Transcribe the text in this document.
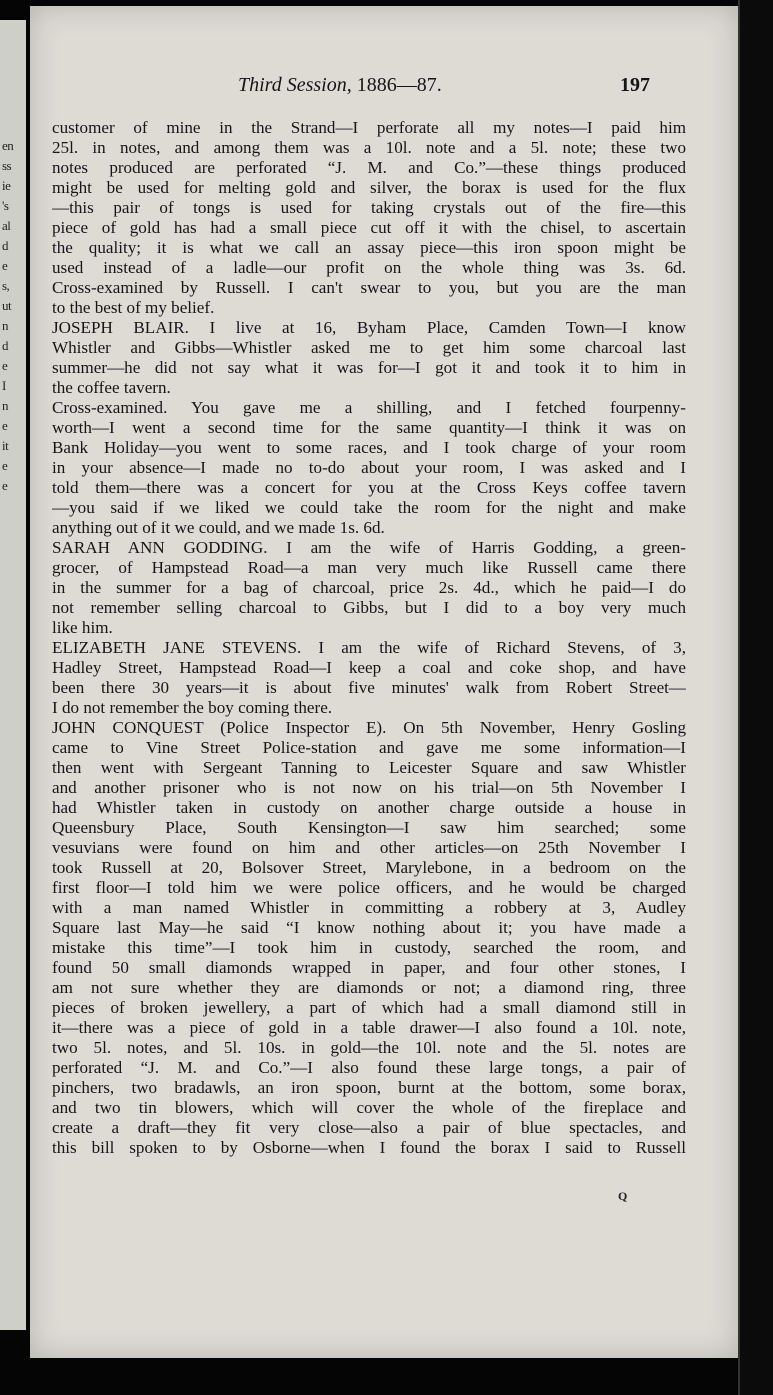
en
ss
ie
's
al
d
e
s,
ut
n
d
e
I
n
e
it
e
e
Third Session, 1886—87.	197
customer of mine in the Strand—I perforate all my notes—I paid him
25l. in notes, and among them was a 10l. note and a 5l. note; these two
notes produced are perforated “J. M. and Co.”—these things produced
might be used for melting gold and silver, the borax is used for the flux
—this pair of tongs is used for taking crystals out of the fire—this
piece of gold has had a small piece cut off it with the chisel, to ascertain
the quality; it is what we call an assay piece—this iron spoon might be
used instead of a ladle—our profit on the whole thing was 3s. 6d.
Cross-examined by Russell. I can't swear to you, but you are the man
to the best of my belief.
JOSEPH BLAIR. I live at 16, Byham Place, Camden Town—I know
Whistler and Gibbs—Whistler asked me to get him some charcoal last
summer—he did not say what it was for—I got it and took it to him in
the coffee tavern.
Cross-examined. You gave me a shilling, and I fetched fourpenny-
worth—I went a second time for the same quantity—I think it was on
Bank Holiday—you went to some races, and I took charge of your room
in your absence—I made no to-do about your room, I was asked and I
told them—there was a concert for you at the Cross Keys coffee tavern
—you said if we liked we could take the room for the night and make
anything out of it we could, and we made 1s. 6d.
SARAH ANN GODDING. I am the wife of Harris Godding, a green-
grocer, of Hampstead Road—a man very much like Russell came there
in the summer for a bag of charcoal, price 2s. 4d., which he paid—I do
not remember selling charcoal to Gibbs, but I did to a boy very much
like him.
ELIZABETH JANE STEVENS. I am the wife of Richard Stevens, of 3,
Hadley Street, Hampstead Road—I keep a coal and coke shop, and have
been there 30 years—it is about five minutes' walk from Robert Street—
I do not remember the boy coming there.
JOHN CONQUEST (Police Inspector E). On 5th November, Henry Gosling
came to Vine Street Police-station and gave me some information—I
then went with Sergeant Tanning to Leicester Square and saw Whistler
and another prisoner who is not now on his trial—on 5th November I
had Whistler taken in custody on another charge outside a house in
Queensbury Place, South Kensington—I saw him searched; some
vesuvians were found on him and other articles—on 25th November I
took Russell at 20, Bolsover Street, Marylebone, in a bedroom on the
first floor—I told him we were police officers, and he would be charged
with a man named Whistler in committing a robbery at 3, Audley
Square last May—he said “I know nothing about it; you have made a
mistake this time”—I took him in custody, searched the room, and
found 50 small diamonds wrapped in paper, and four other stones, I
am not sure whether they are diamonds or not; a diamond ring, three
pieces of broken jewellery, a part of which had a small diamond still in
it—there was a piece of gold in a table drawer—I also found a 10l. note,
two 5l. notes, and 5l. 10s. in gold—the 10l. note and the 5l. notes are
perforated “J. M. and Co.”—I also found these large tongs, a pair of
pinchers, two bradawls, an iron spoon, burnt at the bottom, some borax,
and two tin blowers, which will cover the whole of the fireplace and
create a draft—they fit very close—also a pair of blue spectacles, and
this bill spoken to by Osborne—when I found the borax I said to Russell
Q
